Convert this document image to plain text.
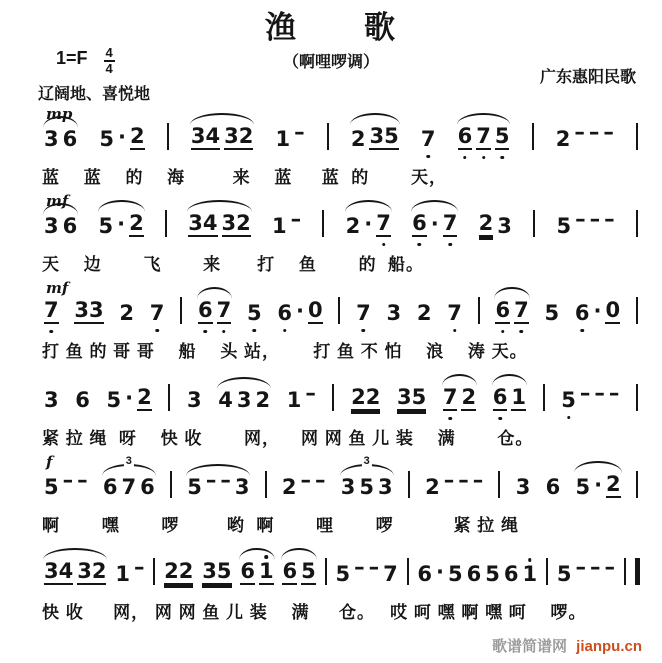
渔　　歌
$1=F \frac{4}{4}$	（啊哩啰调）
广东惠阳民歌
辽阔地、喜悦地
mp
3 6 5 · 2 34 32 1 – 2 35 7 6 7 5 2 – – –
蓝　 蓝　 的　 海　　  来　 蓝　  蓝  的　　 天，
mf
3 6 5 · 2 34 32 1 – 2 · 7 6 · 7 2 3 5 – – –
天　 边　　 飞　　 来　　打　 鱼　　 的  船。
mf
7 33 2 7 6 7 5 6 · 0 7 3 2 7 6 7 5 6 · 0
打 鱼 的 哥 哥　 船　 头 站，　　 打 鱼 不 怕　 浪　 涛 天。
3 6 5 · 2 3 4 3 2 1 – 22 35 7 2 6 1 5 – – –
紧 拉 绳  呀　 快 收　　 网，　  网 网 鱼 儿 装　 满　　 仓。
f
5 – –
3
6 7 6 5 – – 3 2 – –
3
3 5 3 2 – – – 3 6 5 · 2
啊　　 嘿　　 啰　　  哟  啊　　 哩　　 啰　　　 紧 拉 绳
34 32 1 – 22 35 6 1 6 5 5 – – 7 6 · 5 6 5 6 1 5 – – –
快 收　  网， 网 网 鱼 儿 装　 满　  仓。　 哎 呵 嘿 啊 嘿 呵　 啰。
歌谱简谱网 jianpu.cn
